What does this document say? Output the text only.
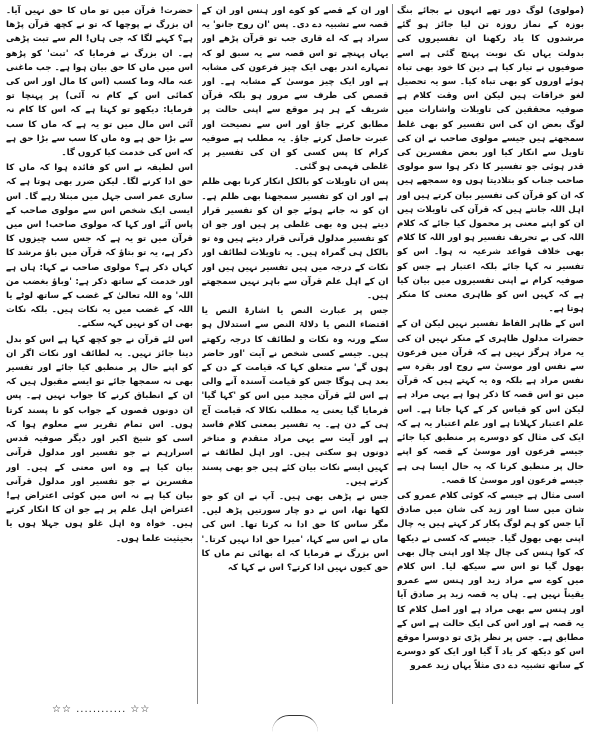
(مولوی) لوگ دور تھے انہوں نے بجائے بنگ بوزہ کے نماز روزہ تن لیا جائز ہو گئے مرشدوں کا یاد رکھنا ان تفسیروں کی بدولت یہاں تک نوبت پہنچ گئی ہے اسے صوفیوں نے تیار کیا ہے دین کا خود بھی تباہ ہوئے اوروں کو بھی تباہ کیا۔ سو یہ تحصیل لغو خرافات ہیں لیکن اس وقت کلام ہے صوفیہ محققین کی تاویلات واشارات میں لوگ بعض ان کی اس تفسیر کو بھی غلط سمجھتے ہیں جیسے مولوی صاحب نے ان کی تاویل سے انکار کیا اور بعض مفسرین کی قدر ہوئی جو تفسیر کا ذکر ہوا سو مولوی صاحب جناب کو بتلادیتا ہوں وہ سمجھے ہیں کہ ان کو قرآن کی تفسیر بیان کرتے ہیں اور اہل اللہ جانتے ہیں کہ قرآن کی تاویلات ہیں ان کو اپنے معنی پر محمول کیا جائے کہ کلام اللہ کی بے تحریف تفسیر ہو اور اللہ کا کلام بھی خلاف قواعد شرعیہ نہ ہوا۔ اس کو تفسیر نہ کہا جائے بلکہ اعتبار ہے جس کو صوفیہ کرام نے اپنی تفسیروں میں بیان کیا ہے کہ کہیں اس کو ظاہری معنی کا منکر ہوتا ہے۔

اس کے ظاہر الفاظ تفسیر نہیں لیکن ان کے حضرات مدلول ظاہری کے منکر نہیں ان کی یہ مراد ہرگز نہیں ہے کہ قرآن میں فرعون سے نفس اور موسیٰ سے روح اور بقرہ سے نفس مراد ہے بلکہ وہ یہ کہتے ہیں کہ قرآن میں تو اس قصہ کا ذکر ہوا ہے یہی مراد ہے لیکن اس کو قیاس کر کے کہا جاتا ہے۔ اس علم اعتبار کہلاتا ہے اور علم اعتبار یہ ہے کہ ایک کی مثال کو دوسرے پر منطبق کیا جائے جیسے فرعون اور موسیٰ کے قصہ کو اپنے حال پر منطبق کرنا کہ یہ حال ایسا ہی ہے جیسے فرعون اور موسیٰ کا قصہ۔

اسی مثال ہے جیسے کہ کوئی کلام عمرو کی شان میں سنا اور زید کی شان میں صادق آیا جس کو ہم لوگ پکار کر کہتے ہیں یہ چال اپنی بھی بھول گیا۔ جیسے کہ کسی نے دیکھا کہ کوا ہنس کی چال چلا اور اپنی چال بھی بھول گیا تو اس سے سیکھ لیا۔ اس کلام میں کوے سے مراد زید اور ہنس سے عمرو یقیناً نہیں ہے۔ ہاں یہ قصہ زید پر صادق آیا اور ہنس سے بھی مراد ہے اور اصل کلام کا یہ قصہ ہے اور اس کی ایک حالت ہے اس کے مطابق ہے۔ جس پر نظر پڑی تو دوسرا موقع اس کو دیکھ کر یاد آ گیا اور ایک کو دوسرے کے ساتھ تشبیہ دے دی مثلاً یہاں زید عمرو

اور ان کے قصے کو کوے اور ہنس اور ان کے قصہ سے تشبیہ دے دی۔ پس 'ان روح جانو' یہ سراد ہے کہ اے قاری جب تو قرآن پڑھے اور یہاں پہنچے تو اس قصہ سے یہ سبق لو کہ تمہارے اندر بھی ایک چیز فرعون کی مشابہ ہے اور ایک چیز موسیٰ کے مشابہ ہے۔ اور قصص کی طرف سے مرور ہو بلکہ قرآن شریف کے ہر ہر موقع سے اپنی حالت پر مطابق کرتے جاؤ اور اس سے نصیحت اور عبرت حاصل کرتے جاؤ۔ یہ مطلب ہے صوفیہ کرام کا پس کسی کو ان کی تفسیر پر غلطی فہمی ہو گئی۔

پس ان تاویلات کو بالکل انکار کرنا بھی ظلم ہے اور ان کو تفسیر سمجھنا بھی ظلم ہے۔ ان کو نہ جانے ہوئے جو ان کو تفسیر قرار دیتے ہیں وہ بھی غلطی پر ہیں اور جو ان کو تفسیر مدلول قرآنی قرار دیتے ہیں وہ تو بالکل ہی گمراہ ہیں۔ یہ تاویلات لطائف اور نکات کے درجہ میں ہیں تفسیر نہیں ہیں اور ان کے اہل علم قرآن سے باہر نہیں سمجھتے ہیں۔

جس پر عبارت النص یا اشارۃ النص یا اقتضاء النص یا دلالۃ النص سے استدلال ہو سکے ورنہ وہ نکات و لطائف کا درجہ رکھتے ہیں۔ جیسے کسی شخص نے آیت 'اور حاضر ہوں گے' سے متعلق کہا کہ قیامت کے دن کے بعد ہی ہوگا جس کو قیامت آسندہ آنے والی ہے اس لئے قرآن مجید میں اس کو 'کہا گیا' فرمایا گیا یعنی یہ مطلب نکالا کہ قیامت آج ہی کے دن ہے۔ یہ تفسیر بمعنی کلام فاسد ہے اور آیت سے یہی مراد متقدم و متاخر دونوں ہو سکتی ہیں۔ اور اہل لطائف نے کہیں ایسے نکات بیان کئے ہیں جو بھی پسند کرتے ہیں۔

جس نے پڑھی بھی ہیں۔ آپ نے ان کو جو لکھا تھا، اس نے دو چار سورتیں پڑھ لیں۔ مگر ساس کا حق ادا نہ کرتا تھا۔ اس کی ماں نے اس سے کہا، 'میرا حق ادا نہیں کرتا۔' اس بزرگ نے فرمایا کہ اے بھائی تم ماں کا حق کیوں نہیں ادا کرتے؟ اس نے کہا کہ

حضرت! قرآن میں تو ماں کا حق نہیں آیا۔ ان بزرگ نے پوچھا کہ تو نے کچھ قرآن پڑھا ہے؟ کہنے لگا کہ جی ہاں! الم سے تبت پڑھی ہے۔ ان بزرگ نے فرمایا کہ 'تبت' کو پڑھو اس میں ماں کا حق بیان ہوا ہے۔ جب ماغنی عنہ مالہ وما کسب (اس کا مال اور اس کی کمائی اس کے کام نہ آئی) پر پہنچا تو فرمایا: دیکھو تو کہتا ہے کہ اس کا کام نہ آئی اس مال میں تو یہ ہے کہ ماں کا سب سے بڑا حق ہے وہ ماں کا سب سے بڑا حق ہے کہ اس کی خدمت کیا کروں گا۔

اس لطیفہ نے اس کو فائدہ ہوا کہ ماں کا حق ادا کرنے لگا۔ لیکن ضرر بھی ہوتا ہے کہ ساری عمر اسی جہل میں مبتلا رہے گا۔ اس ایسی ایک شخص اس سے مولوی صاحب کے پاس آئے اور کہا کہ مولوی صاحب! اس میں قرآن میں تو یہ ہے کہ جس سب چیزوں کا ذکر ہے، یہ تو بتاؤ کہ قرآن میں باؤ مرشد کا کہاں ذکر ہے؟ مولوی صاحب نے کہا: ہاں ہے اور خدمت کے ساتھ ذکر ہے: 'وباؤ بغضب من اللہ' وہ اللہ تعالیٰ کے غضب کے ساتھ لوٹے یا اللہ کے غضب میں یہ نکات ہیں۔ بلکہ نکات بھی ان کو نہیں کہہ سکتے۔

اس لئے قرآن نے جو کچھ کہا ہے اس کو بدل دینا جائز نہیں۔ یہ لطائف اور نکات اگر ان کو اپنے حال پر منطبق کیا جائے اور تفسیر بھی نہ سمجھا جائے تو ایسے مقبول ہیں کہ ان کے انطباق کرنے کا جواب نہیں ہے۔ پس ان دونوں قصوں کے جواب کو نا پسند کرتا ہوں۔ اس تمام تقریر سے معلوم ہوا کہ اسی کو شیخ اکبر اور دیگر صوفیہ قدس اسرارہم نے جو تفسیر اور مدلول قرآنی بیان کیا ہے وہ اس معنی کے ہیں۔ اور مفسرین نے جو تفسیر اور مدلول قرآنی بیان کیا ہے نہ اس میں کوئی اعتراض ہے! اعتراض اہل علم پر ہے جو ان کا انکار کرتے ہیں۔ خواہ وہ اہل غلو ہوں جہلا ہوں یا بحیثیت علما ہوں۔

☆☆ ............ ☆☆
